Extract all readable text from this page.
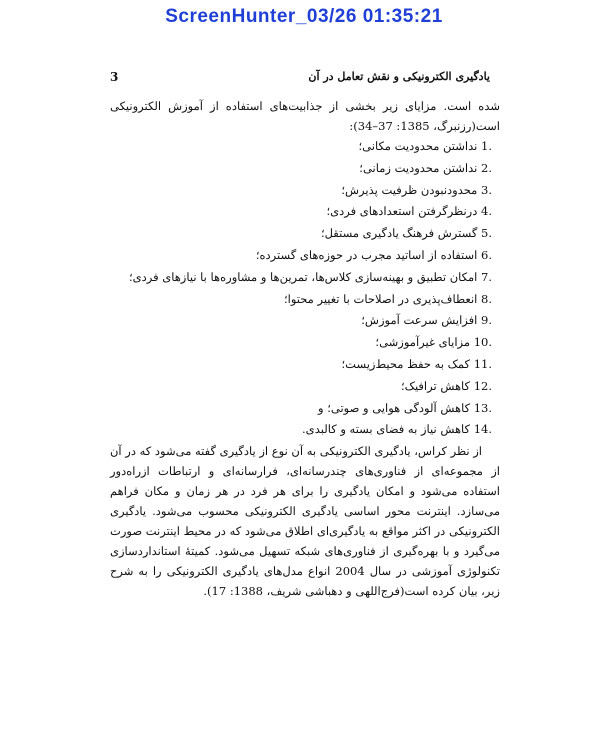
ScreenHunter_03/26 01:35:21
3	یادگیری الکترونیکی و نقش تعامل در آن

شده است. مزایای زیر بخشی از جذابیت‌های استفاده از آموزش الکترونیکی است(رزنبرگ، 1385: 37–34):

1. نداشتن محدودیت مکانی؛
2. نداشتن محدودیت زمانی؛
3. محدودنبودن ظرفیت پذیرش؛
4. درنظرگرفتن استعدادهای فردی؛
5. گسترش فرهنگ یادگیری مستقل؛
6. استفاده از اساتید مجرب در حوزه‌های گسترده؛
7. امکان تطبیق و بهینه‌سازی کلاس‌ها، تمرین‌ها و مشاوره‌ها با نیازهای فردی؛
8. انعطاف‌پذیری در اصلاحات با تغییر محتوا؛
9. افزایش سرعت آموزش؛
10. مزایای غیرآموزشی؛
11. کمک به حفظ محیط‌زیست؛
12. کاهش ترافیک؛
13. کاهش آلودگی هوایی و صوتی؛ و
14. کاهش نیاز به فضای بسته و کالبدی.

از نظر کراس، یادگیری الکترونیکی به آن نوع از یادگیری گفته می‌شود که در آن از مجموعه‌ای از فناوری‌های چندرسانه‌ای، فرارسانه‌ای و ارتباطات ازراه‌دور استفاده می‌شود و امکان یادگیری را برای هر فرد در هر زمان و مکان فراهم می‌سازد. اینترنت محور اساسی یادگیری الکترونیکی محسوب می‌شود. یادگیری الکترونیکی در اکثر مواقع به یادگیری‌ای اطلاق می‌شود که در محیط اینترنت صورت می‌گیرد و با بهره‌گیری از فناوری‌های شبکه تسهیل می‌شود. کمیتهٔ استانداردسازی تکنولوژی آموزشی در سال 2004 انواع مدل‌های یادگیری الکترونیکی را به شرح زیر، بیان کرده است(فرج‌اللهی و دهباشی شریف، 1388: 17).
